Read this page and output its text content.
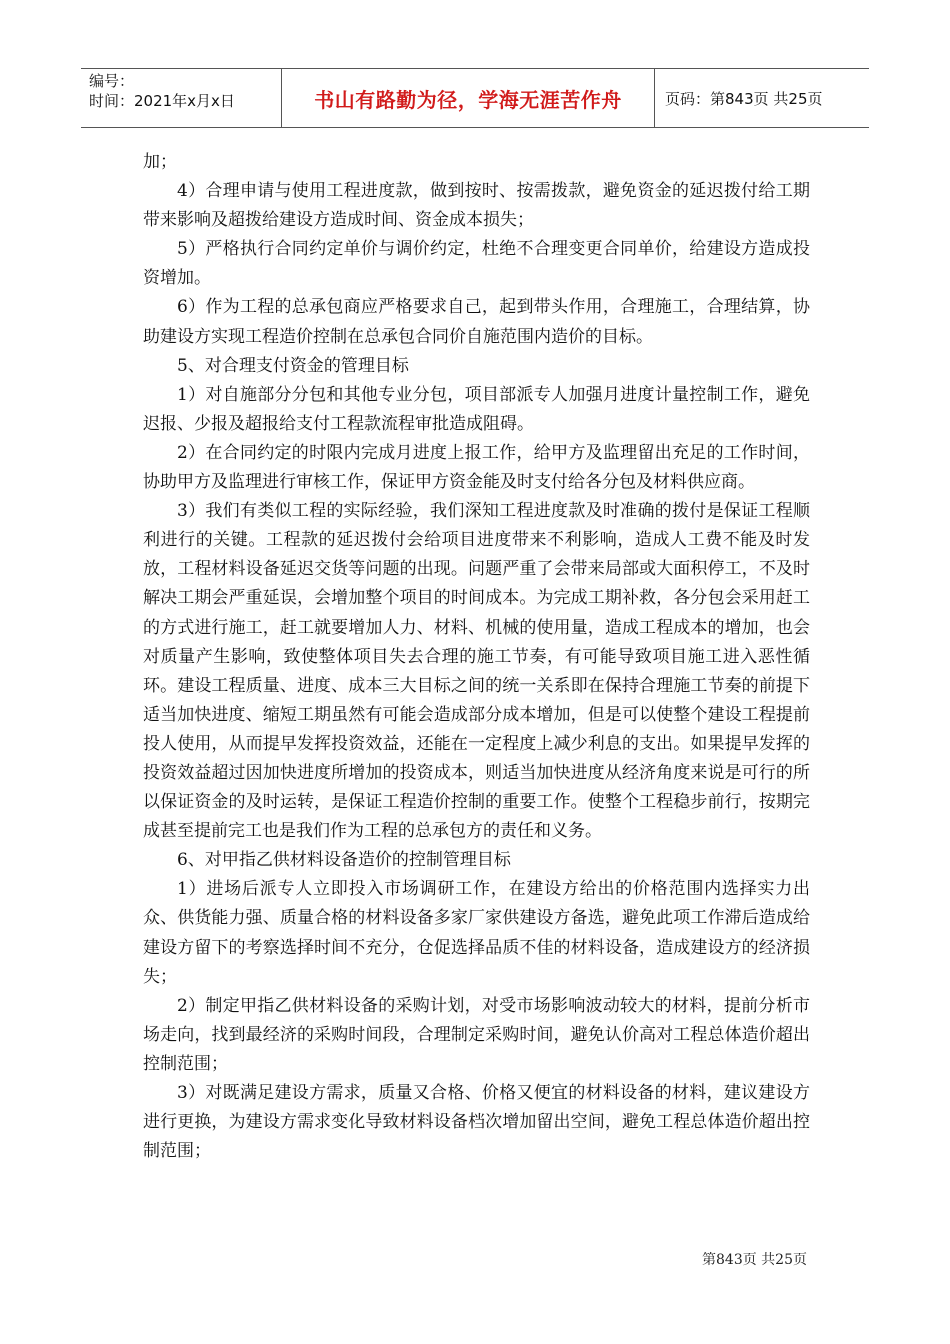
编号：
时间：2021年x月x日	书山有路勤为径，学海无涯苦作舟	页码：第843页 共25页

加；

4）合理申请与使用工程进度款，做到按时、按需拨款，避免资金的延迟拨付给工期带来影响及超拨给建设方造成时间、资金成本损失；

5）严格执行合同约定单价与调价约定，杜绝不合理变更合同单价，给建设方造成投资增加。

6）作为工程的总承包商应严格要求自己，起到带头作用，合理施工，合理结算，协助建设方实现工程造价控制在总承包合同价自施范围内造价的目标。

5、对合理支付资金的管理目标

1）对自施部分分包和其他专业分包，项目部派专人加强月进度计量控制工作，避免迟报、少报及超报给支付工程款流程审批造成阻碍。

2）在合同约定的时限内完成月进度上报工作，给甲方及监理留出充足的工作时间，协助甲方及监理进行审核工作，保证甲方资金能及时支付给各分包及材料供应商。

3）我们有类似工程的实际经验，我们深知工程进度款及时准确的拨付是保证工程顺利进行的关键。工程款的延迟拨付会给项目进度带来不利影响，造成人工费不能及时发放，工程材料设备延迟交货等问题的出现。问题严重了会带来局部或大面积停工，不及时解决工期会严重延误，会增加整个项目的时间成本。为完成工期补救，各分包会采用赶工的方式进行施工，赶工就要增加人力、材料、机械的使用量，造成工程成本的增加，也会对质量产生影响，致使整体项目失去合理的施工节奏，有可能导致项目施工进入恶性循环。建设工程质量、进度、成本三大目标之间的统一关系即在保持合理施工节奏的前提下适当加快进度、缩短工期虽然有可能会造成部分成本增加，但是可以使整个建设工程提前投人使用，从而提早发挥投资效益，还能在一定程度上减少利息的支出。如果提早发挥的投资效益超过因加快进度所增加的投资成本，则适当加快进度从经济角度来说是可行的所以保证资金的及时运转，是保证工程造价控制的重要工作。使整个工程稳步前行，按期完成甚至提前完工也是我们作为工程的总承包方的责任和义务。

6、对甲指乙供材料设备造价的控制管理目标

1）进场后派专人立即投入市场调研工作，在建设方给出的价格范围内选择实力出众、供货能力强、质量合格的材料设备多家厂家供建设方备选，避免此项工作滞后造成给建设方留下的考察选择时间不充分，仓促选择品质不佳的材料设备，造成建设方的经济损失；

2）制定甲指乙供材料设备的采购计划，对受市场影响波动较大的材料，提前分析市场走向，找到最经济的采购时间段，合理制定采购时间，避免认价高对工程总体造价超出控制范围；

3）对既满足建设方需求，质量又合格、价格又便宜的材料设备的材料，建议建设方进行更换，为建设方需求变化导致材料设备档次增加留出空间，避免工程总体造价超出控制范围；

第843页 共25页
